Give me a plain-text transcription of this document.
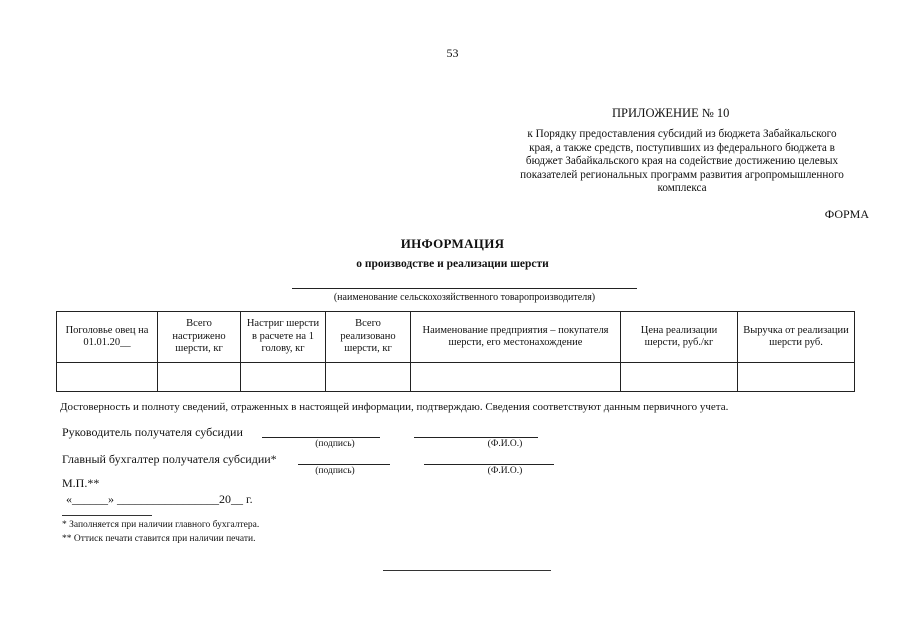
53
ПРИЛОЖЕНИЕ № 10
к Порядку предоставления субсидий из бюджета Забайкальского
края, а также средств, поступивших из федерального бюджета в
бюджет Забайкальского края на содействие достижению целевых
показателей региональных программ развития агропромышленного
комплекса
ФОРМА
ИНФОРМАЦИЯ
о производстве и реализации шерсти
(наименование сельскохозяйственного товаропроизводителя)
Поголовье овец на 01.01.20__	Всего настрижено шерсти, кг	Настриг шерсти в расчете на 1 голову, кг	Всего реализовано шерсти, кг	Наименование предприятия – покупателя шерсти, его местонахождение	Цена реализации шерсти, руб./кг	Выручка от реализации шерсти руб.

Достоверность и полноту сведений, отраженных в настоящей информации, подтверждаю. Сведения соответствуют данным первичного учета.
Руководитель получателя субсидии
(подпись)	(Ф.И.О.)
Главный бухгалтер получателя субсидии*
(подпись)	(Ф.И.О.)
М.П.**
«______» _________________20__ г.
* Заполняется при наличии главного бухгалтера.
** Оттиск печати ставится при наличии печати.
